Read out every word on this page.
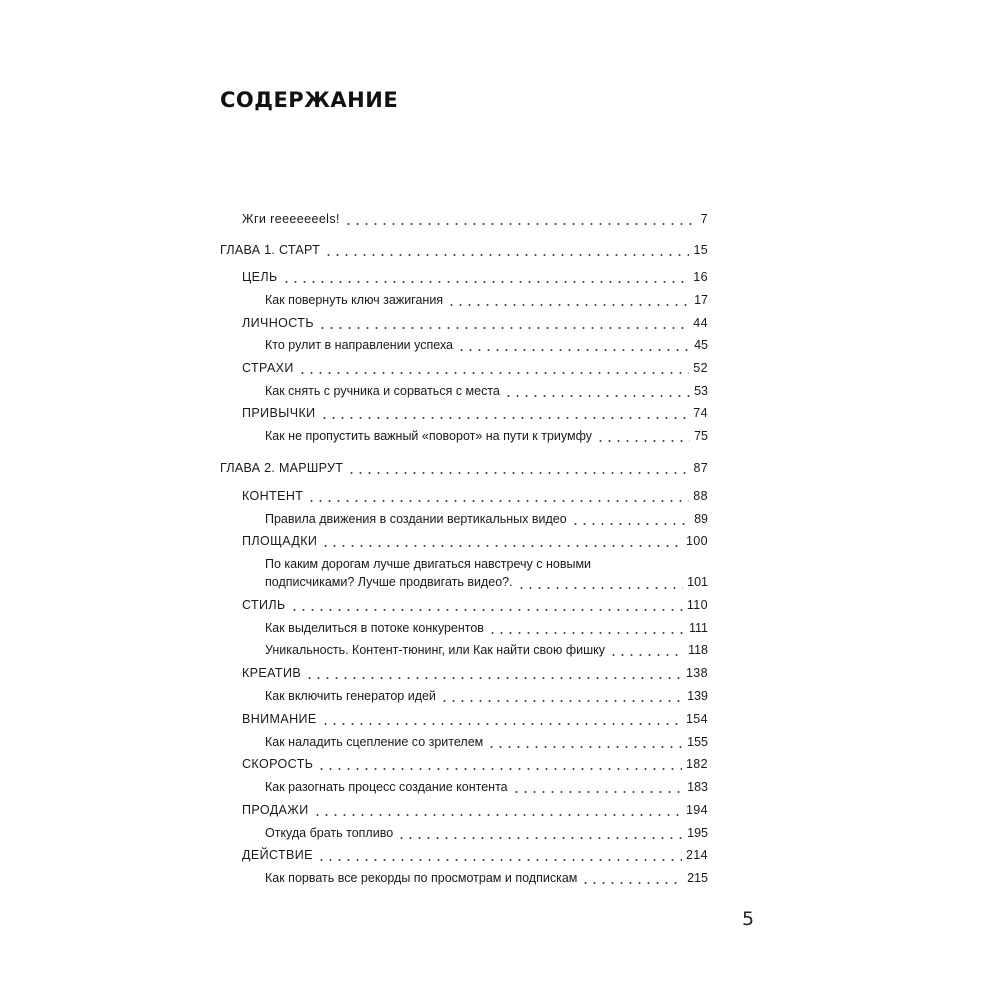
СОДЕРЖАНИЕ
Жги reeeeeeels!	7
ГЛАВА 1. СТАРТ	15
ЦЕЛЬ	16
Как повернуть ключ зажигания	17
ЛИЧНОСТЬ	44
Кто рулит в направлении успеха	45
СТРАХИ	52
Как снять с ручника и сорваться с места	53
ПРИВЫЧКИ	74
Как не пропустить важный «поворот» на пути к триумфу	75
ГЛАВА 2. МАРШРУТ	87
КОНТЕНТ	88
Правила движения в создании вертикальных видео	89
ПЛОЩАДКИ	100
По каким дорогам лучше двигаться навстречу с новыми
подписчиками? Лучше продвигать видео?.	101
СТИЛЬ	110
Как выделиться в потоке конкурентов	111
Уникальность. Контент-тюнинг, или Как найти свою фишку	118
КРЕАТИВ	138
Как включить генератор идей	139
ВНИМАНИЕ	154
Как наладить сцепление со зрителем	155
СКОРОСТЬ	182
Как разогнать процесс создание контента	183
ПРОДАЖИ	194
Откуда брать топливо	195
ДЕЙСТВИЕ	214
Как порвать все рекорды по просмотрам и подпискам	215
5
